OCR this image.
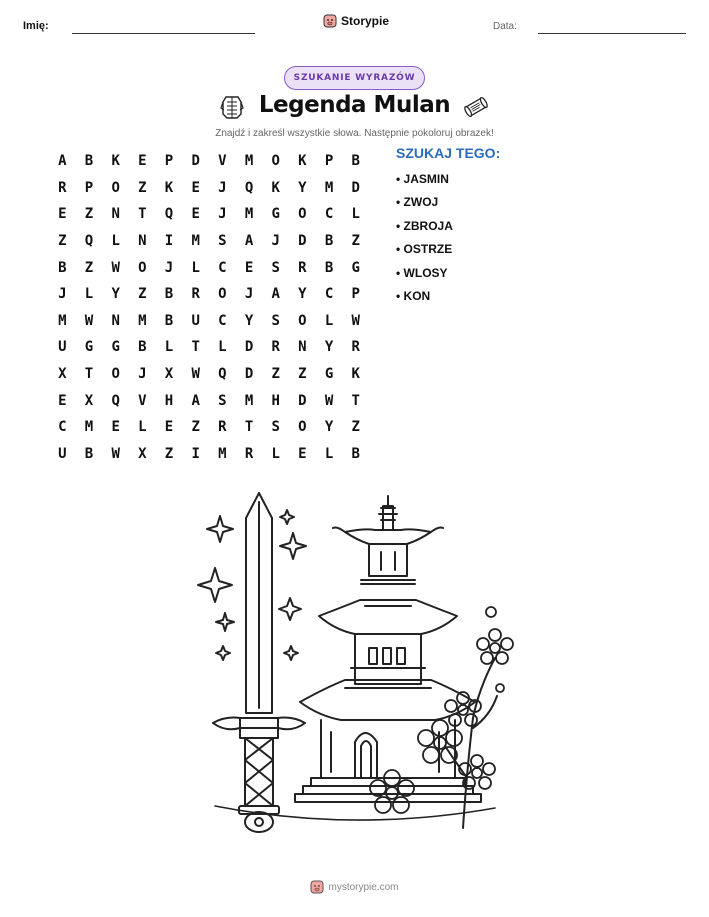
Imię:	Storypie	Data:
SZUKANIE WYRAZÓW
Legenda Mulan
Znajdź i zakreśl wszystkie słowa. Następnie pokoloruj obrazek!
A	B	K	E	P	D	V	M	O	K	P	B
R	P	O	Z	K	E	J	Q	K	Y	M	D
E	Z	N	T	Q	E	J	M	G	O	C	L
Z	Q	L	N	I	M	S	A	J	D	B	Z
B	Z	W	O	J	L	C	E	S	R	B	G
J	L	Y	Z	B	R	O	J	A	Y	C	P
M	W	N	M	B	U	C	Y	S	O	L	W
U	G	G	B	L	T	L	D	R	N	Y	R
X	T	O	J	X	W	Q	D	Z	Z	G	K
E	X	Q	V	H	A	S	M	H	D	W	T
C	M	E	L	E	Z	R	T	S	O	Y	Z
U	B	W	X	Z	I	M	R	L	E	L	B
SZUKAJ TEGO:
• JASMIN
• ZWOJ
• ZBROJA
• OSTRZE
• WLOSY
• KON
mystorypie.com
